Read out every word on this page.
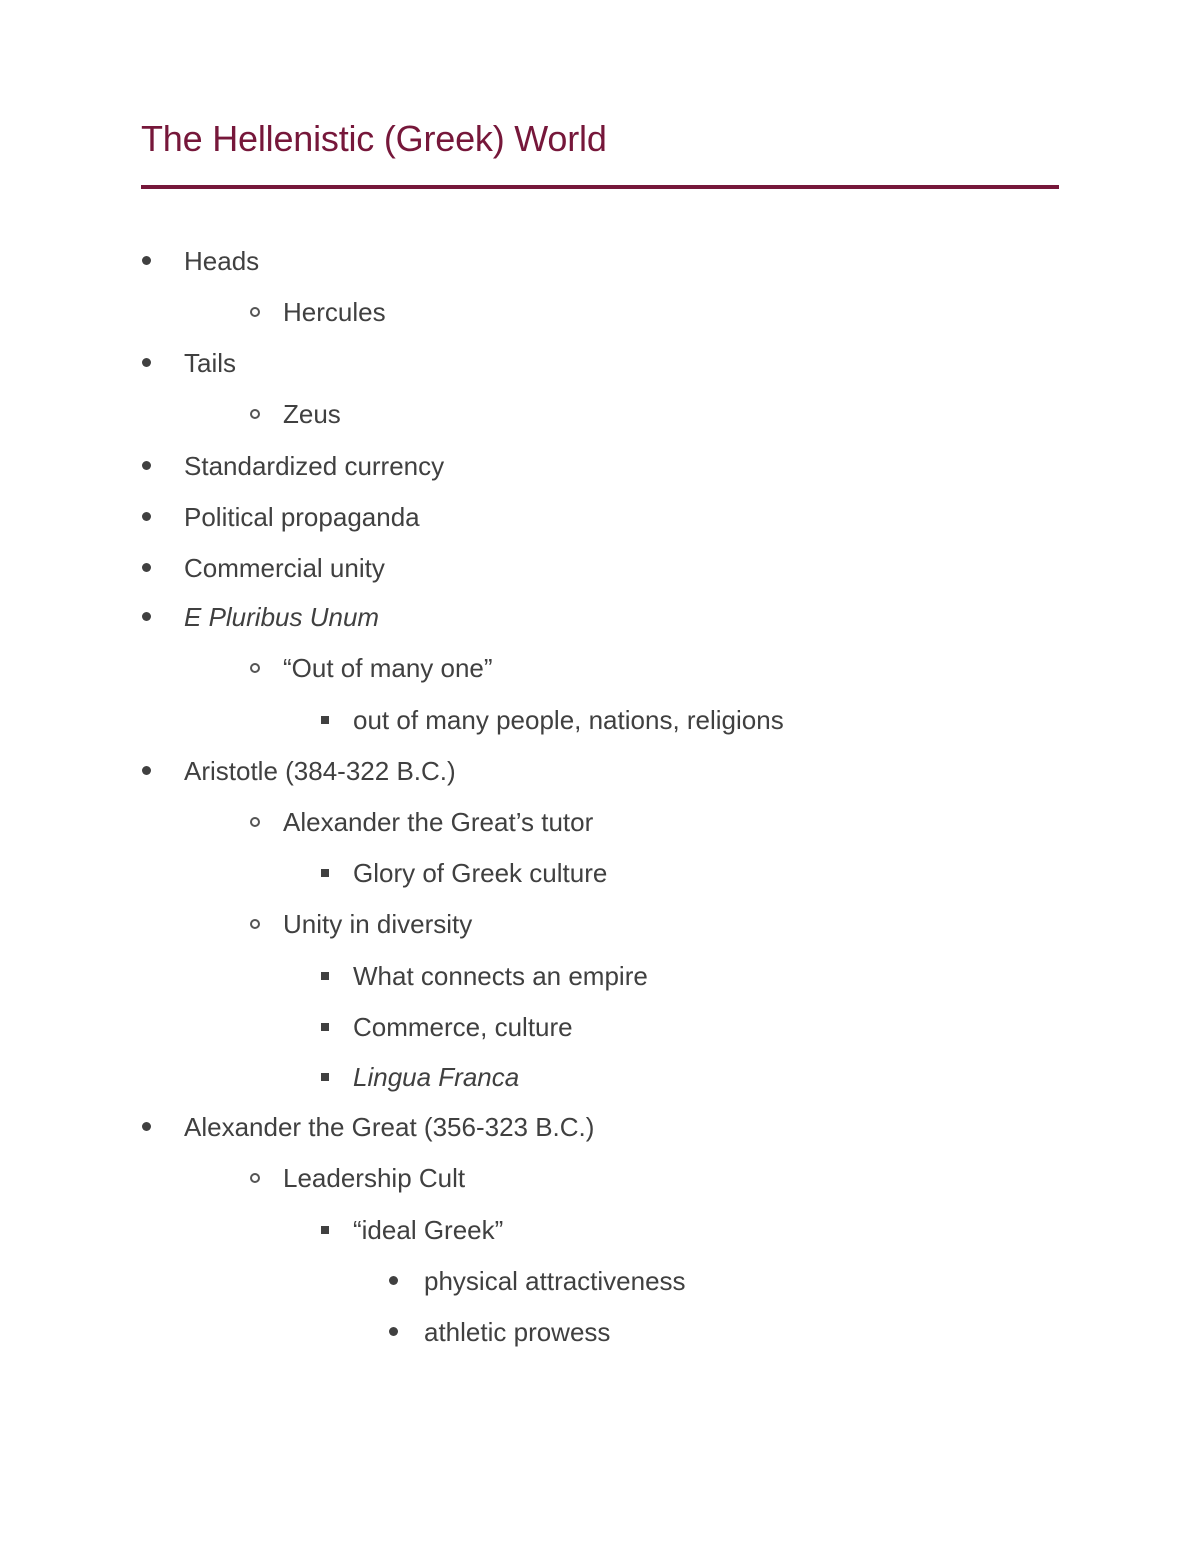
The Hellenistic (Greek) World
Heads
Hercules
Tails
Zeus
Standardized currency
Political propaganda
Commercial unity
E Pluribus Unum
“Out of many one”
out of many people, nations, religions
Aristotle (384-322 B.C.)
Alexander the Great’s tutor
Glory of Greek culture
Unity in diversity
What connects an empire
Commerce, culture
Lingua Franca
Alexander the Great (356-323 B.C.)
Leadership Cult
“ideal Greek”
physical attractiveness
athletic prowess
